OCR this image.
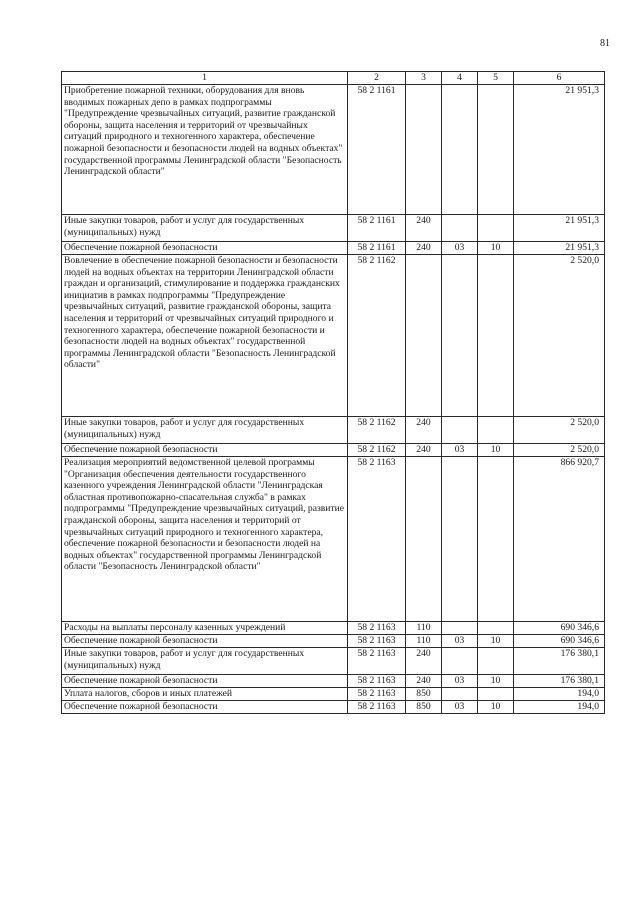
81
1	2	3	4	5	6
Приобретение пожарной техники, оборудования для вновь вводимых пожарных депо в рамках подпрограммы "Предупреждение чрезвычайных ситуаций, развитие гражданской обороны, защита населения и территорий от чрезвычайных ситуаций природного и техногенного характера, обеспечение пожарной безопасности и безопасности людей на водных объектах" государственной программы Ленинградской области "Безопасность Ленинградской области"	58 2 1161				21 951,3
Иные закупки товаров, работ и услуг для государственных (муниципальных) нужд	58 2 1161	240			21 951,3
Обеспечение пожарной безопасности	58 2 1161	240	03	10	21 951,3
Вовлечение в обеспечение пожарной безопасности и безопасности людей на водных объектах на территории Ленинградской области граждан и организаций, стимулирование и поддержка гражданских инициатив в рамках подпрограммы "Предупреждение чрезвычайных ситуаций, развитие гражданской обороны, защита населения и территорий от чрезвычайных ситуаций природного и техногенного характера, обеспечение пожарной безопасности и безопасности людей на водных объектах" государственной программы Ленинградской области "Безопасность Ленинградской области"	58 2 1162				2 520,0
Иные закупки товаров, работ и услуг для государственных (муниципальных) нужд	58 2 1162	240			2 520,0
Обеспечение пожарной безопасности	58 2 1162	240	03	10	2 520,0
Реализация мероприятий ведомственной целевой программы "Организация обеспечения деятельности государственного казенного учреждения Ленинградской области "Ленинградская областная противопожарно-спасательная служба" в рамках подпрограммы "Предупреждение чрезвычайных ситуаций, развитие гражданской обороны, защита населения и территорий от чрезвычайных ситуаций природного и техногенного характера, обеспечение пожарной безопасности и безопасности людей на водных объектах" государственной программы Ленинградской области "Безопасность Ленинградской области"	58 2 1163				866 920,7
Расходы на выплаты персоналу казенных учреждений	58 2 1163	110			690 346,6
Обеспечение пожарной безопасности	58 2 1163	110	03	10	690 346,6
Иные закупки товаров, работ и услуг для государственных (муниципальных) нужд	58 2 1163	240			176 380,1
Обеспечение пожарной безопасности	58 2 1163	240	03	10	176 380,1
Уплата налогов, сборов и иных платежей	58 2 1163	850			194,0
Обеспечение пожарной безопасности	58 2 1163	850	03	10	194,0
